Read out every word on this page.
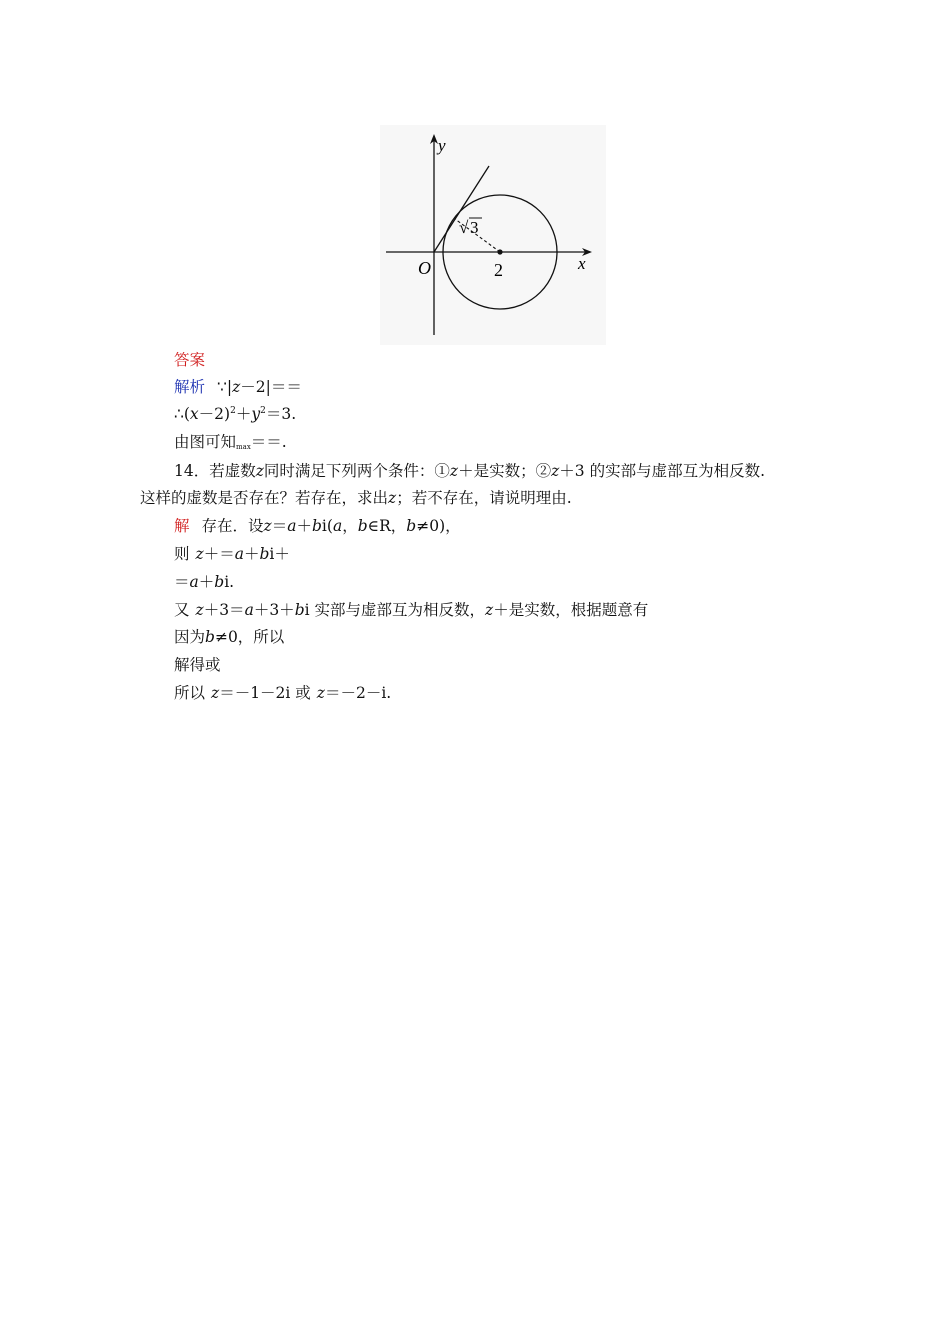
y
x
O	2
√ 3
答案
解析 ∵|z－2|＝＝
$\therefore(x-2)^2+y^2=3$.
由图可知$_{max}$＝＝.
14．若虚数z同时满足下列两个条件：①z＋是实数；②z＋3 的实部与虚部互为相反数.
这样的虚数是否存在？若存在，求出z；若不存在，请说明理由.
解 存在．设z＝a＋bi(a，b∈R，b≠0)，
则 z＋＝a＋bi＋
＝a＋bi.
又 z＋3＝a＋3＋bi 实部与虚部互为相反数，z＋是实数，根据题意有
因为b≠0，所以
解得或
所以 z＝－1－2i 或 z＝－2－i.
